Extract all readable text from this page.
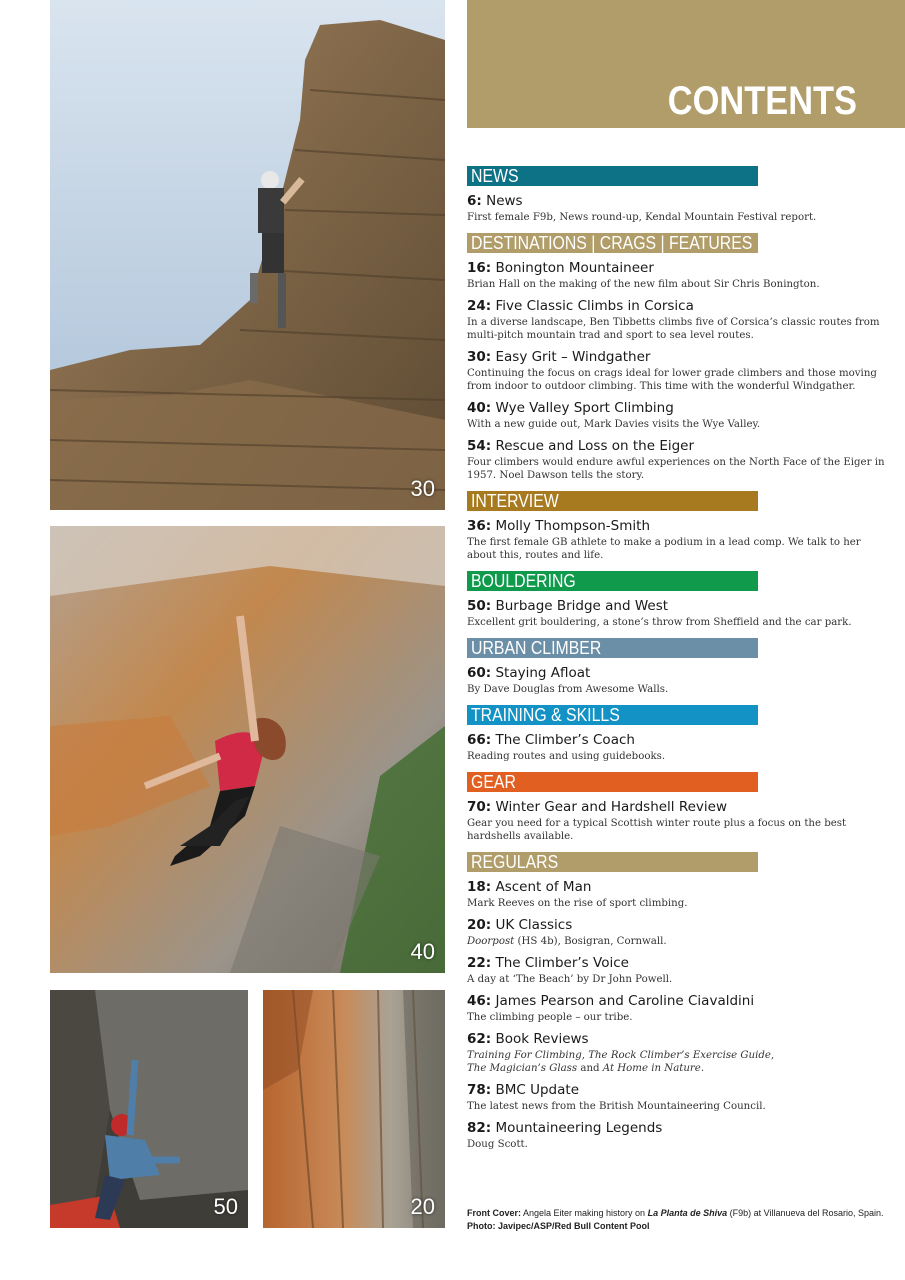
30
40
50	20
CONTENTS
NEWS
6: News
First female F9b, News round-up, Kendal Mountain Festival report.
DESTINATIONS | CRAGS | FEATURES
16: Bonington Mountaineer
Brian Hall on the making of the new film about Sir Chris Bonington.
24: Five Classic Climbs in Corsica
In a diverse landscape, Ben Tibbetts climbs five of Corsica’s classic routes from multi-pitch mountain trad and sport to sea level routes.
30: Easy Grit – Windgather
Continuing the focus on crags ideal for lower grade climbers and those moving from indoor to outdoor climbing. This time with the wonderful Windgather.
40: Wye Valley Sport Climbing
With a new guide out, Mark Davies visits the Wye Valley.
54: Rescue and Loss on the Eiger
Four climbers would endure awful experiences on the North Face of the Eiger in 1957. Noel Dawson tells the story.
INTERVIEW
36: Molly Thompson-Smith
The first female GB athlete to make a podium in a lead comp. We talk to her about this, routes and life.
BOULDERING
50: Burbage Bridge and West
Excellent grit bouldering, a stone’s throw from Sheffield and the car park.
URBAN CLIMBER
60: Staying Afloat
By Dave Douglas from Awesome Walls.
TRAINING & SKILLS
66: The Climber’s Coach
Reading routes and using guidebooks.
GEAR
70: Winter Gear and Hardshell Review
Gear you need for a typical Scottish winter route plus a focus on the best hardshells available.
REGULARS
18: Ascent of Man
Mark Reeves on the rise of sport climbing.
20: UK Classics
Doorpost (HS 4b), Bosigran, Cornwall.
22: The Climber’s Voice
A day at ‘The Beach’ by Dr John Powell.
46: James Pearson and Caroline Ciavaldini
The climbing people – our tribe.
62: Book Reviews
Training For Climbing, The Rock Climber’s Exercise Guide,
The Magician’s Glass and At Home in Nature.
78: BMC Update
The latest news from the British Mountaineering Council.
82: Mountaineering Legends
Doug Scott.
Front Cover: Angela Eiter making history on La Planta de Shiva (F9b) at Villanueva del Rosario, Spain.
Photo: Javipec/ASP/Red Bull Content Pool
